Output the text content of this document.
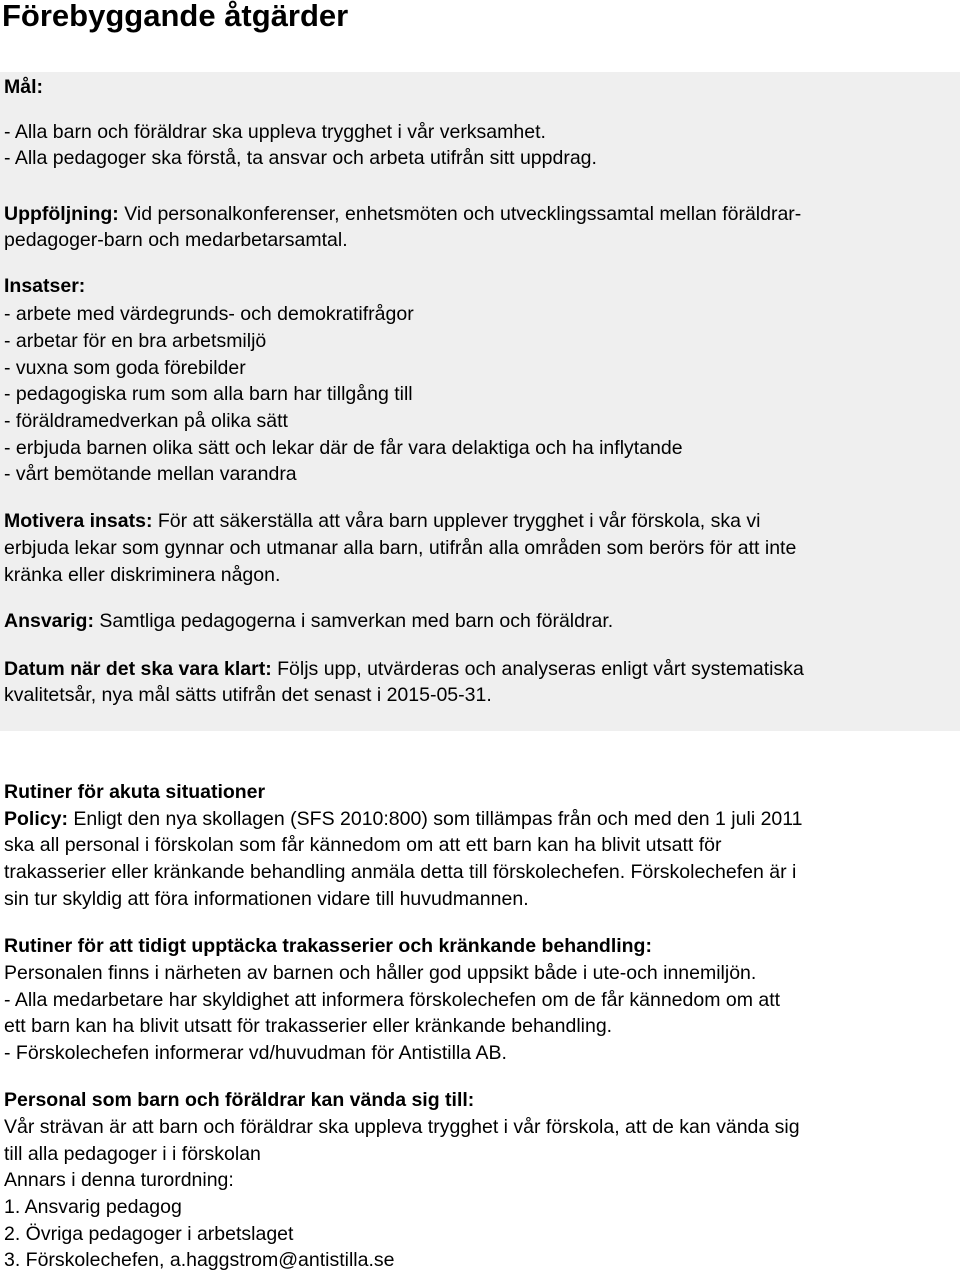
Förebyggande åtgärder
Mål:
- Alla barn och föräldrar ska uppleva trygghet i vår verksamhet.
- Alla pedagoger ska förstå, ta ansvar och arbeta utifrån sitt uppdrag.
Uppföljning: Vid personalkonferenser, enhetsmöten och utvecklingssamtal mellan föräldrar-
pedagoger-barn och medarbetarsamtal.
Insatser:
- arbete med värdegrunds- och demokratifrågor
- arbetar för en bra arbetsmiljö
- vuxna som goda förebilder
- pedagogiska rum som alla barn har tillgång till
- föräldramedverkan på olika sätt
- erbjuda barnen olika sätt och lekar där de får vara delaktiga och ha inflytande
- vårt bemötande mellan varandra
Motivera insats: För att säkerställa att våra barn upplever trygghet i vår förskola, ska vi
erbjuda lekar som gynnar och utmanar alla barn, utifrån alla områden som berörs för att inte
kränka eller diskriminera någon.
Ansvarig: Samtliga pedagogerna i samverkan med barn och föräldrar.
Datum när det ska vara klart: Följs upp, utvärderas och analyseras enligt vårt systematiska
kvalitetsår, nya mål sätts utifrån det senast i 2015-05-31.
Rutiner för akuta situationer
Policy: Enligt den nya skollagen (SFS 2010:800) som tillämpas från och med den 1 juli 2011
ska all personal i förskolan som får kännedom om att ett barn kan ha blivit utsatt för
trakasserier eller kränkande behandling anmäla detta till förskolechefen. Förskolechefen är i
sin tur skyldig att föra informationen vidare till huvudmannen.
Rutiner för att tidigt upptäcka trakasserier och kränkande behandling:
Personalen finns i närheten av barnen och håller god uppsikt både i ute-och innemiljön.
- Alla medarbetare har skyldighet att informera förskolechefen om de får kännedom om att
ett barn kan ha blivit utsatt för trakasserier eller kränkande behandling.
- Förskolechefen informerar vd/huvudman för Antistilla AB.
Personal som barn och föräldrar kan vända sig till:
Vår strävan är att barn och föräldrar ska uppleva trygghet i vår förskola, att de kan vända sig
till alla pedagoger i i förskolan
Annars i denna turordning:
1. Ansvarig pedagog
2. Övriga pedagoger i arbetslaget
3. Förskolechefen, a.haggstrom@antistilla.se
